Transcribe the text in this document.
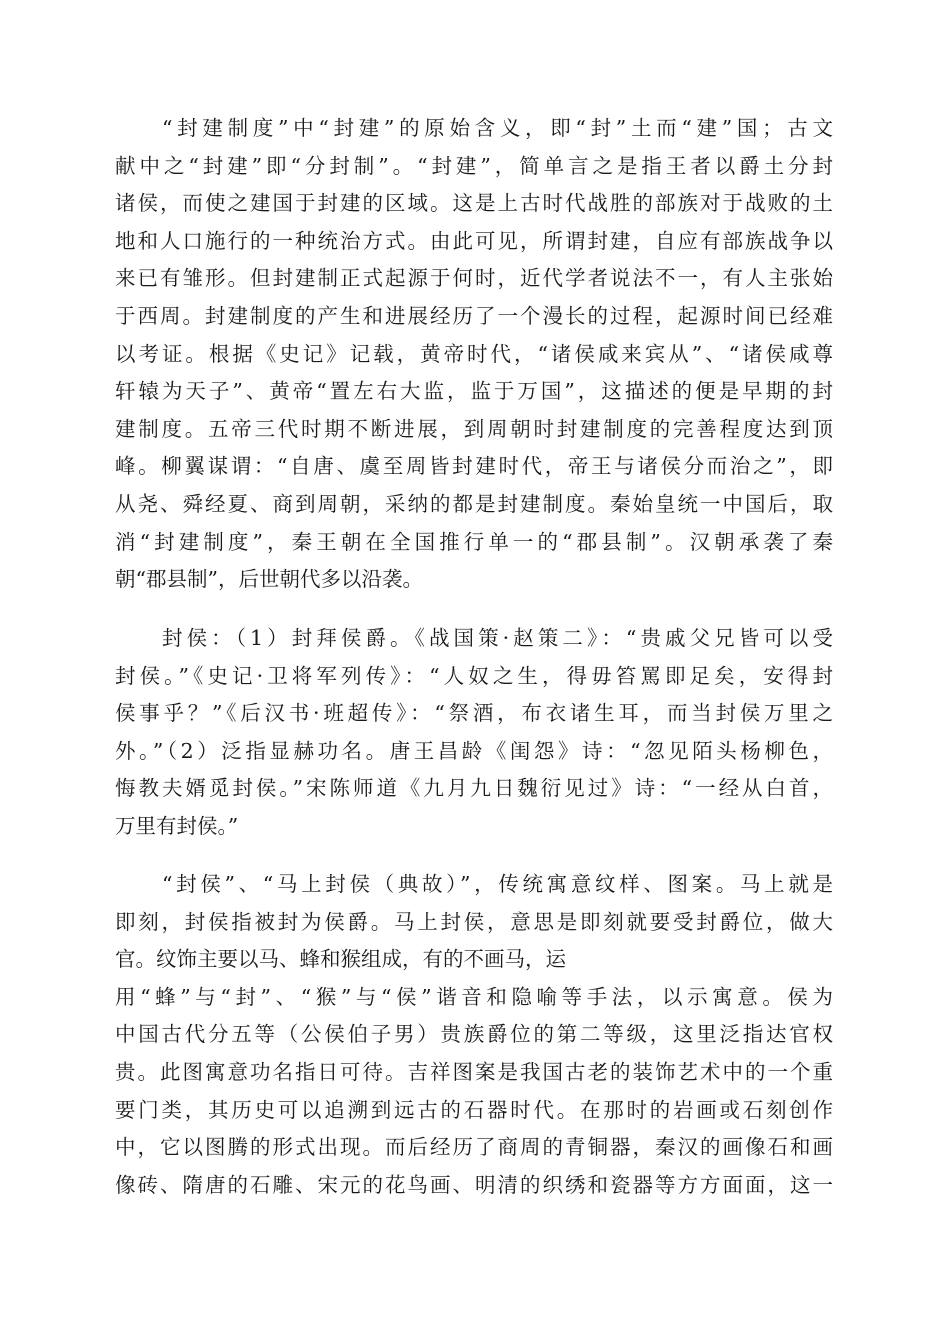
“封建制度”中“封建”的原始含义，即“封”土而“建”国；古文
献中之“封建”即“分封制”。“封建”，简单言之是指王者以爵土分封
诸侯，而使之建国于封建的区域。这是上古时代战胜的部族对于战败的土
地和人口施行的一种统治方式。由此可见，所谓封建，自应有部族战争以
来已有雏形。但封建制正式起源于何时，近代学者说法不一，有人主张始
于西周。封建制度的产生和进展经历了一个漫长的过程，起源时间已经难
以考证。根据《史记》记载，黄帝时代，“诸侯咸来宾从”、“诸侯咸尊
轩辕为天子”、黄帝“置左右大监，监于万国”，这描述的便是早期的封
建制度。五帝三代时期不断进展，到周朝时封建制度的完善程度达到顶
峰。柳翼谋谓：“自唐、虞至周皆封建时代，帝王与诸侯分而治之”，即
从尧、舜经夏、商到周朝，采纳的都是封建制度。秦始皇统一中国后，取
消“封建制度”，秦王朝在全国推行单一的“郡县制”。汉朝承袭了秦
朝“郡县制”，后世朝代多以沿袭。
封侯：（1）封拜侯爵。《战国策·赵策二》：“贵戚父兄皆可以受
封侯。”《史记·卫将军列传》：“人奴之生，得毋笞罵即足矣，安得封
侯事乎？”《后汉书·班超传》：“祭酒，布衣诸生耳，而当封侯万里之
外。”（2）泛指显赫功名。唐王昌龄《闺怨》诗：“忽见陌头杨柳色，
悔教夫婿觅封侯。”宋陈师道《九月九日魏衍见过》诗：“一经从白首，
万里有封侯。”
“封侯”、“马上封侯（典故）”，传统寓意纹样、图案。马上就是
即刻，封侯指被封为侯爵。马上封侯，意思是即刻就要受封爵位，做大
官。纹饰主要以马、蜂和猴组成，有的不画马，运
用“蜂”与“封”、“猴”与“侯”谐音和隐喻等手法，以示寓意。侯为
中国古代分五等（公侯伯子男）贵族爵位的第二等级，这里泛指达官权
贵。此图寓意功名指日可待。吉祥图案是我国古老的装饰艺术中的一个重
要门类，其历史可以追溯到远古的石器时代。在那时的岩画或石刻创作
中，它以图腾的形式出现。而后经历了商周的青铜器，秦汉的画像石和画
像砖、隋唐的石雕、宋元的花鸟画、明清的织绣和瓷器等方方面面，这一
